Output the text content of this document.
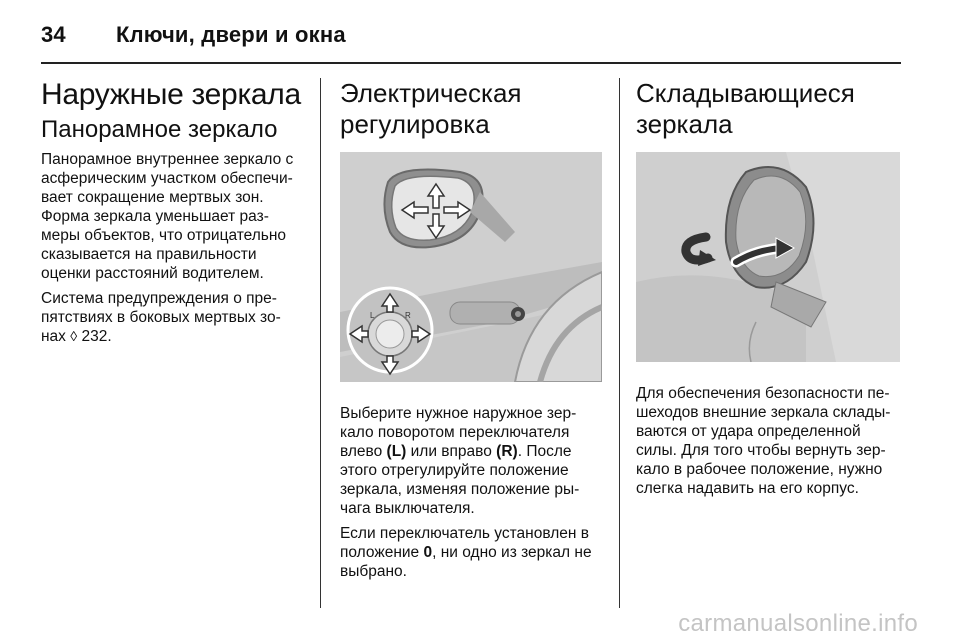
34 Ключи, двери и окна
Наружные зеркала
Панорамное зеркало

Панорамное внутреннее зеркало с асферическим участком обеспечи- вает сокращение мертвых зон. Форма зеркала уменьшает раз- меры объектов, что отрицательно сказывается на правильности оценки расстояний водителем.

Система предупреждения о пре- пятствиях в боковых мертвых зо- нах ◊ 232.

Электрическая регулировка
L	R

Выберите нужное наружное зер- кало поворотом переключателя влево (L) или вправо (R). После этого отрегулируйте положение зеркала, изменяя положение ры- чага выключателя.

Если переключатель установлен в положение 0, ни одно из зеркал не выбрано.

Складывающиеся зеркала

Для обеспечения безопасности пе- шеходов внешние зеркала склады- ваются от удара определенной силы. Для того чтобы вернуть зер- кало в рабочее положение, нужно слегка надавить на его корпус.

carmanualsonline.info
